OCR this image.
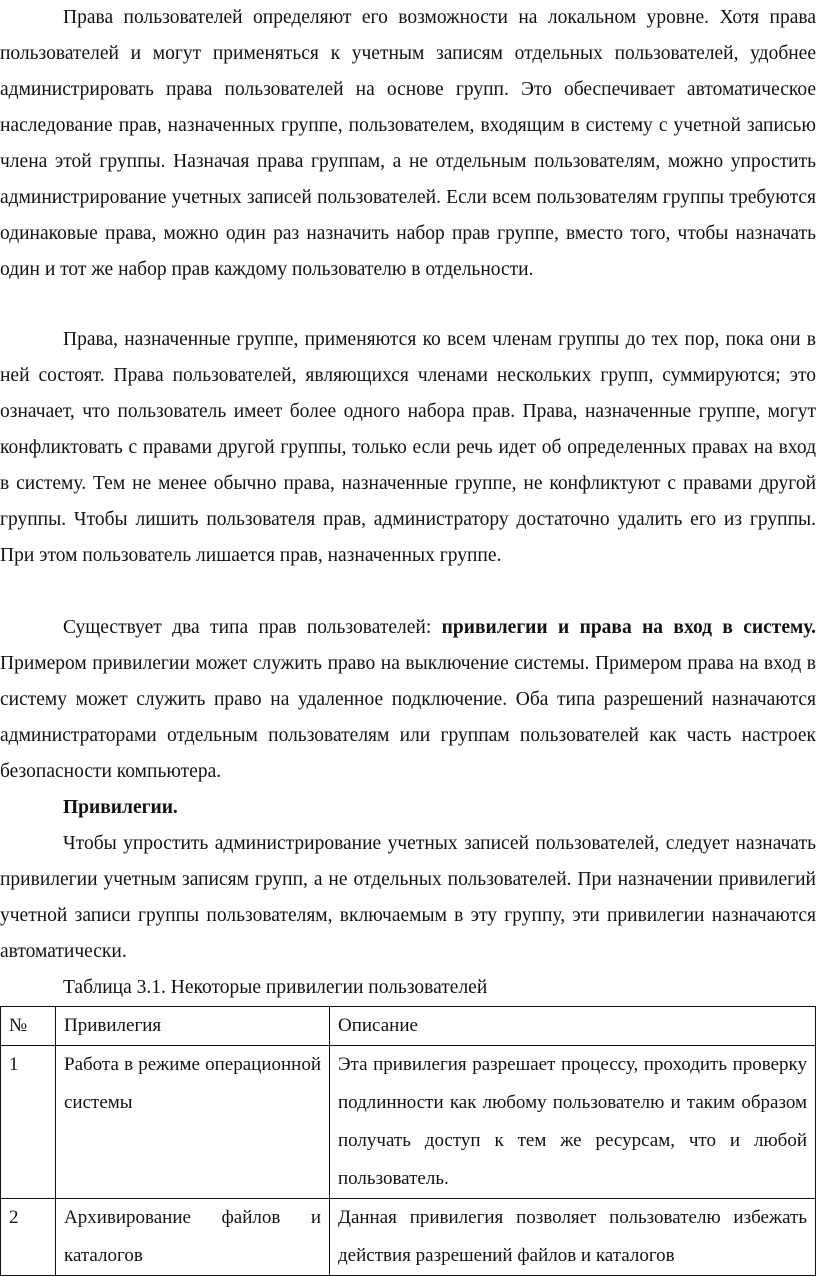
Права пользователей определяют его возможности на локальном уровне. Хотя права пользователей и могут применяться к учетным записям отдельных пользователей, удобнее администрировать права пользователей на основе групп. Это обеспечивает автоматическое наследование прав, назначенных группе, пользователем, входящим в систему с учетной записью члена этой группы. Назначая права группам, а не отдельным пользователям, можно упростить администрирование учетных записей пользователей. Если всем пользователям группы требуются одинаковые права, можно один раз назначить набор прав группе, вместо того, чтобы назначать один и тот же набор прав каждому пользователю в отдельности.

Права, назначенные группе, применяются ко всем членам группы до тех пор, пока они в ней состоят. Права пользователей, являющихся членами нескольких групп, суммируются; это означает, что пользователь имеет более одного набора прав. Права, назначенные группе, могут конфликтовать с правами другой группы, только если речь идет об определенных правах на вход в систему. Тем не менее обычно права, назначенные группе, не конфликтуют с правами другой группы. Чтобы лишить пользователя прав, администратору достаточно удалить его из группы. При этом пользователь лишается прав, назначенных группе.

Существует два типа прав пользователей: привилегии и права на вход в систему. Примером привилегии может служить право на выключение системы. Примером права на вход в систему может служить право на удаленное подключение. Оба типа разрешений назначаются администраторами отдельным пользователям или группам пользователей как часть настроек безопасности компьютера.

Привилегии.

Чтобы упростить администрирование учетных записей пользователей, следует назначать привилегии учетным записям групп, а не отдельных пользователей. При назначении привилегий учетной записи группы пользователям, включаемым в эту группу, эти привилегии назначаются автоматически.

Таблица 3.1. Некоторые привилегии пользователей

№	Привилегия	Описание
1	Работа в режиме операционной системы	Эта привилегия разрешает процессу, проходить проверку подлинности как любому пользователю и таким образом получать доступ к тем же ресурсам, что и любой пользователь.
2	Архивирование файлов и каталогов	Данная привилегия позволяет пользователю избежать действия разрешений файлов и каталогов
